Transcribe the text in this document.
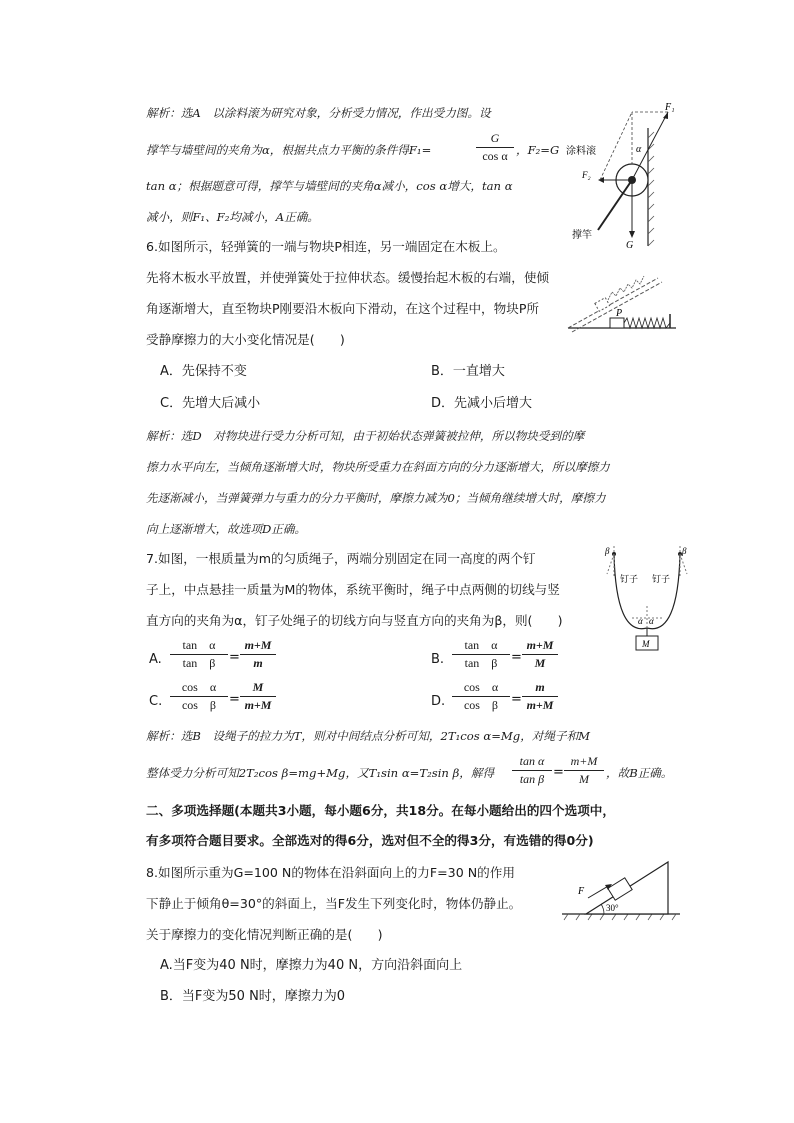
解析：选A　以涂料滚为研究对象，分析受力情况，作出受力图。设
撑竿与墙壁间的夹角为α，根据共点力平衡的条件得F₁=
G
cos α ，F₂=G
tan α；根据题意可得，撑竿与墙壁间的夹角α减小，cos α增大，tan α
减小，则F₁、F₂均减小，A正确。
F₁
涂料滚
F₂
α
撑竿
G
6.如图所示，轻弹簧的一端与物块P相连，另一端固定在木板上。
先将木板水平放置，并使弹簧处于拉伸状态。缓慢抬起木板的右端，使倾
角逐渐增大，直至物块P刚要沿木板向下滑动，在这个过程中，物块P所
受静摩擦力的大小变化情况是(　　)
P
A．先保持不变	B．一直增大
C．先增大后减小	D．先减小后增大
解析：选D　对物块进行受力分析可知，由于初始状态弹簧被拉伸，所以物块受到的摩
擦力水平向左，当倾角逐渐增大时，物块所受重力在斜面方向的分力逐渐增大，所以摩擦力
先逐渐减小，当弹簧弹力与重力的分力平衡时，摩擦力减为0；当倾角继续增大时，摩擦力
向上逐渐增大，故选项D正确。
7.如图，一根质量为m的匀质绳子，两端分别固定在同一高度的两个钉
子上，中点悬挂一质量为M的物体，系统平衡时，绳子中点两侧的切线与竖
直方向的夹角为α，钉子处绳子的切线方向与竖直方向的夹角为β，则(　　)
β	β
钉子 钉子
α α
M
A.
tan　α
tan　β	=
m+M
m	B.
tan　α
tan　β	=
m+M
M
C.
cos　α
cos　β =
M
m+M	D.
cos　α
cos　β =
m
m+M
解析：选B　设绳子的拉力为T，则对中间结点分析可知，2T₁cos α=Mg，对绳子和M
整体受力分析可知2T₂cos β=mg+Mg，又T₁sin α=T₂sin β，解得
tan α
tan β =
m+M
M	，故B正确。
二、多项选择题(本题共3小题，每小题6分，共18分。在每小题给出的四个选项中，
有多项符合题目要求。全部选对的得6分，选对但不全的得3分，有选错的得0分)
8.如图所示重为G=100 N的物体在沿斜面向上的力F=30 N的作用
下静止于倾角θ=30°的斜面上，当F发生下列变化时，物体仍静止。
关于摩擦力的变化情况判断正确的是(　　)
F
30°
A.当F变为40 N时，摩擦力为40 N，方向沿斜面向上
B．当F变为50 N时，摩擦力为0
